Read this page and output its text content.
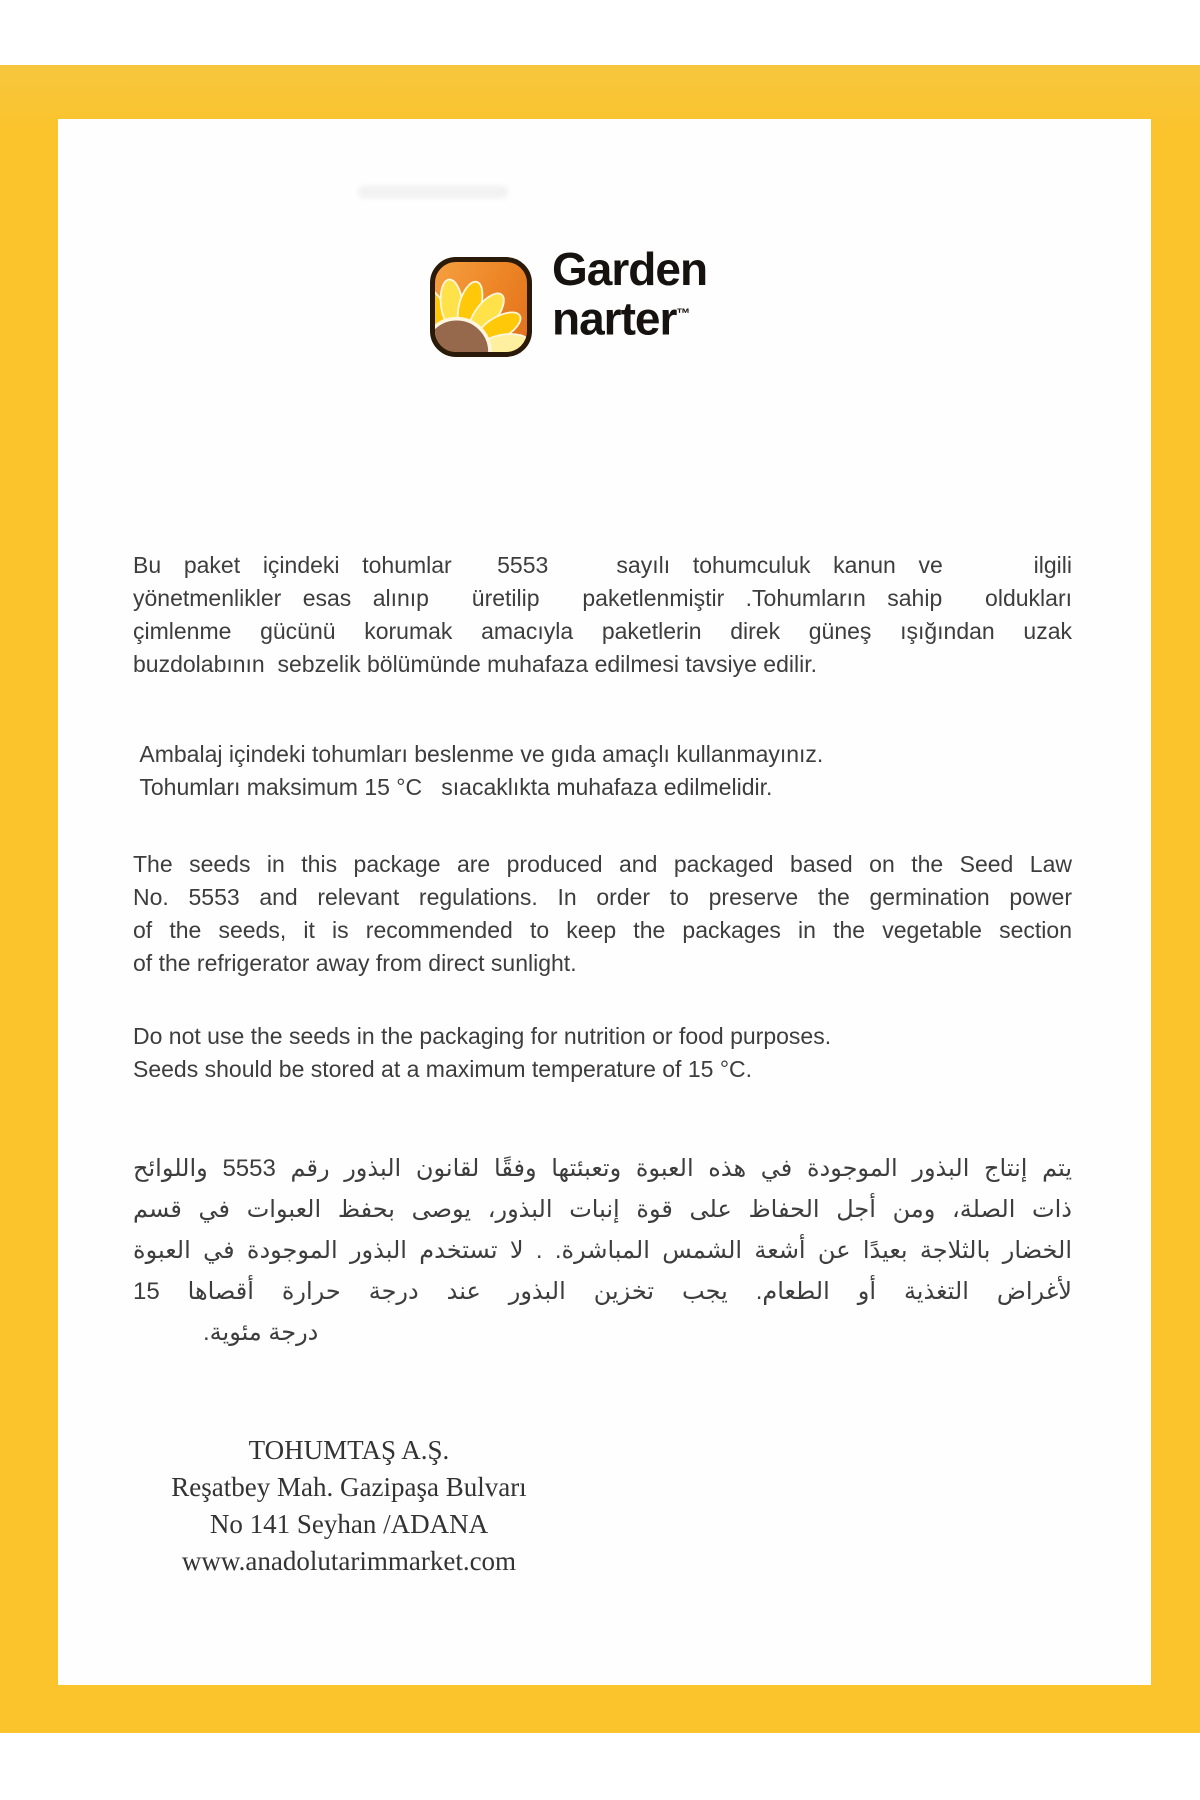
Garden
narter™
Bu paket içindeki tohumlar  5553   sayılı tohumculuk kanun ve    ilgili
yönetmenlikler esas alınıp  üretilip  paketlenmiştir .Tohumların sahip  oldukları
çimlenme gücünü korumak amacıyla paketlerin direk güneş ışığından uzak
buzdolabının  sebzelik bölümünde muhafaza edilmesi tavsiye edilir.
Ambalaj içindeki tohumları beslenme ve gıda amaçlı kullanmayınız.
Tohumları maksimum 15 °C   sıacaklıkta muhafaza edilmelidir.
The seeds in this package are produced and packaged based on the Seed Law
No. 5553 and relevant regulations. In order to preserve the germination power
of the seeds, it is recommended to keep the packages in the vegetable section
of the refrigerator away from direct sunlight.
Do not use the seeds in the packaging for nutrition or food purposes.
Seeds should be stored at a maximum temperature of 15 °C.
يتم إنتاج البذور الموجودة في هذه العبوة وتعبئتها وفقًا لقانون البذور رقم 5553 واللوائح
ذات الصلة، ومن أجل الحفاظ على قوة إنبات البذور، يوصى بحفظ العبوات في قسم
الخضار بالثلاجة بعيدًا عن أشعة الشمس المباشرة. . لا تستخدم البذور الموجودة في العبوة
لأغراض التغذية أو الطعام. يجب تخزين البذور عند درجة حرارة أقصاها 15
درجة مئوية.
TOHUMTAŞ A.Ş.
Reşatbey Mah. Gazipaşa Bulvarı
No 141 Seyhan /ADANA
www.anadolutarimmarket.com
